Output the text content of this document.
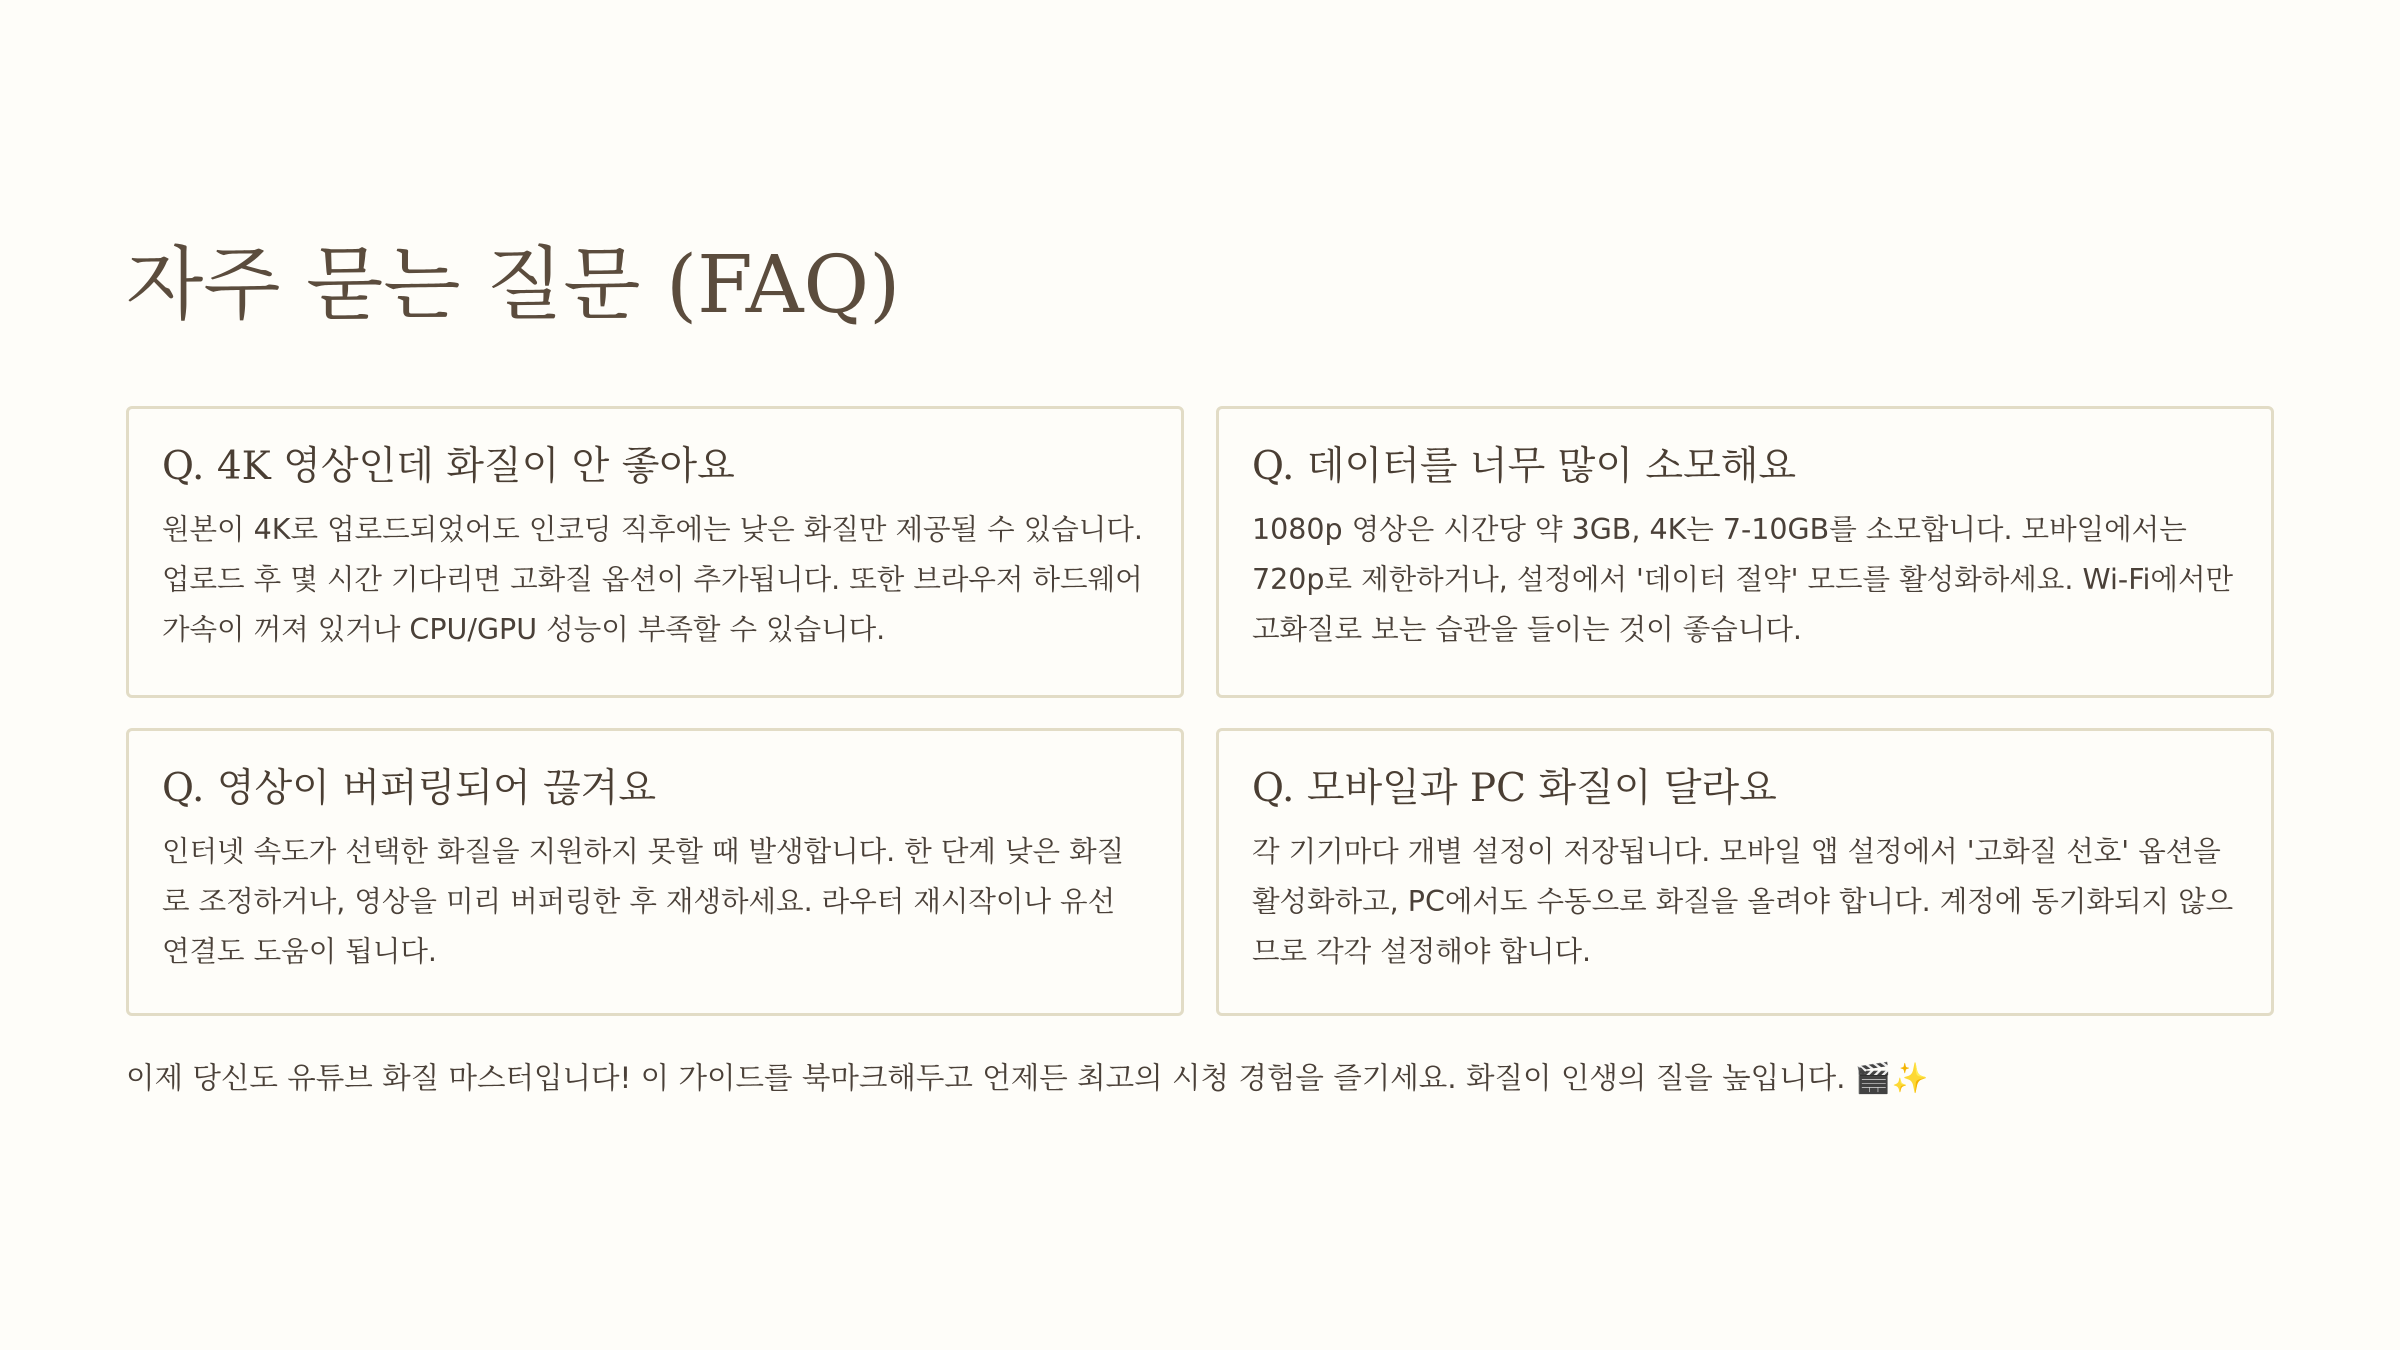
자주 묻는 질문 (FAQ)
Q. 4K 영상인데 화질이 안 좋아요

원본이 4K로 업로드되었어도 인코딩 직후에는 낮은 화질만 제공될 수 있습니다. 업로드 후 몇 시간 기다리면 고화질 옵션이 추가됩니다. 또한 브라우저 하드웨어 가속이 꺼져 있거나 CPU/GPU 성능이 부족할 수 있습니다.

Q. 데이터를 너무 많이 소모해요

1080p 영상은 시간당 약 3GB, 4K는 7-10GB를 소모합니다. 모바일에서는 720p로 제한하거나, 설정에서 '데이터 절약' 모드를 활성화하세요. Wi-Fi에서만 고화질로 보는 습관을 들이는 것이 좋습니다.

Q. 영상이 버퍼링되어 끊겨요

인터넷 속도가 선택한 화질을 지원하지 못할 때 발생합니다. 한 단계 낮은 화질로 조정하거나, 영상을 미리 버퍼링한 후 재생하세요. 라우터 재시작이나 유선 연결도 도움이 됩니다.

Q. 모바일과 PC 화질이 달라요

각 기기마다 개별 설정이 저장됩니다. 모바일 앱 설정에서 '고화질 선호' 옵션을 활성화하고, PC에서도 수동으로 화질을 올려야 합니다. 계정에 동기화되지 않으므로 각각 설정해야 합니다.

이제 당신도 유튜브 화질 마스터입니다! 이 가이드를 북마크해두고 언제든 최고의 시청 경험을 즐기세요. 화질이 인생의 질을 높입니다. 🎬✨
